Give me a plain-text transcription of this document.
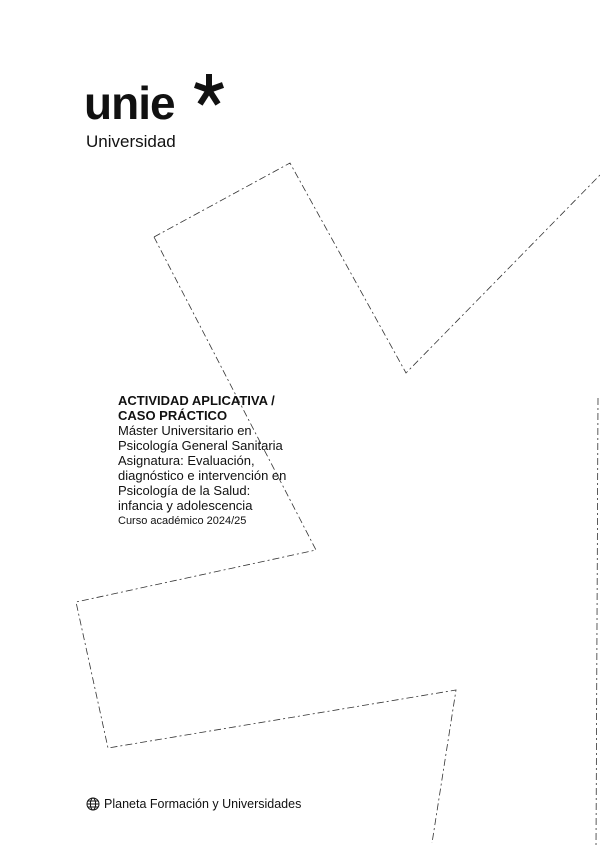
unie
Universidad

ACTIVIDAD APLICATIVA /

CASO PRÁCTICO

Máster Universitario en

Psicología General Sanitaria

Asignatura: Evaluación,

diagnóstico e intervención en

Psicología de la Salud:

infancia y adolescencia

Curso académico 2024/25

Planeta Formación y Universidades
